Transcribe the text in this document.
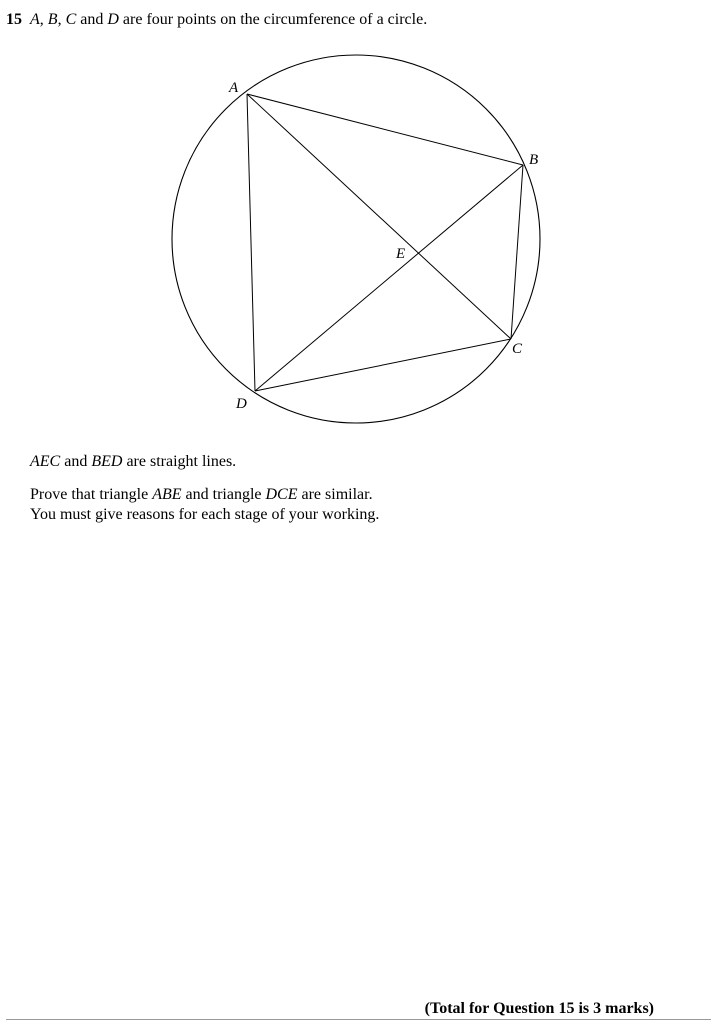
15 A, B, C and D are four points on the circumference of a circle.
A
B
C
D
E
AEC and BED are straight lines.
Prove that triangle ABE and triangle DCE are similar.
You must give reasons for each stage of your working.
(Total for Question 15 is 3 marks)
